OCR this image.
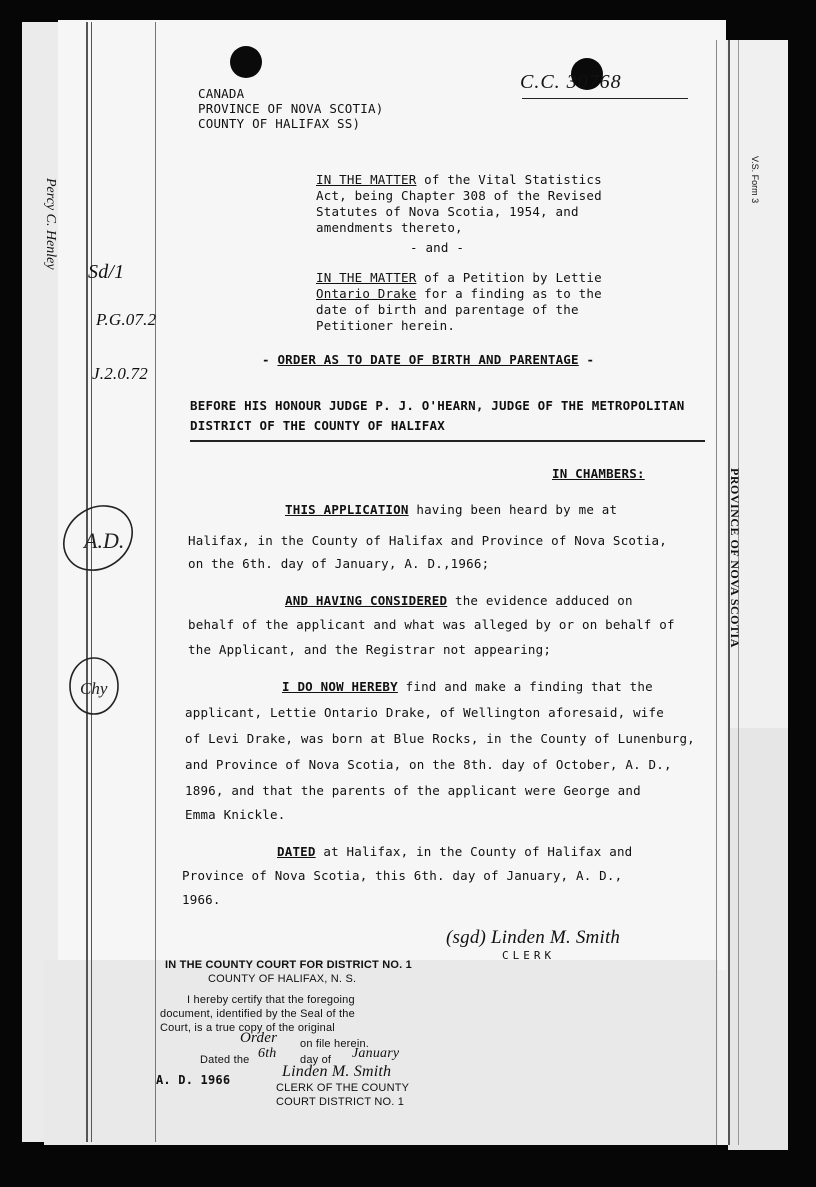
C.C. 30768
CANADA
PROVINCE OF NOVA SCOTIA)
COUNTY OF HALIFAX SS)
IN THE MATTER of the Vital Statistics
Act, being Chapter 308 of the Revised
Statutes of Nova Scotia, 1954, and
amendments thereto,
- and -
IN THE MATTER of a Petition by Lettie
Ontario Drake for a finding as to the
date of birth and parentage of the
Petitioner herein.
- ORDER AS TO DATE OF BIRTH AND PARENTAGE -
BEFORE HIS HONOUR JUDGE P. J. O'HEARN, JUDGE OF THE METROPOLITAN
DISTRICT OF THE COUNTY OF HALIFAX
IN CHAMBERS:
THIS APPLICATION having been heard by me at
Halifax, in the County of Halifax and Province of Nova Scotia,
on the 6th. day of January, A. D.,1966;
AND HAVING CONSIDERED the evidence adduced on
behalf of the applicant and what was alleged by or on behalf of
the Applicant, and the Registrar not appearing;
I DO NOW HEREBY find and make a finding that the
applicant, Lettie Ontario Drake, of Wellington aforesaid, wife
of Levi Drake, was born at Blue Rocks, in the County of Lunenburg,
and Province of Nova Scotia, on the 8th. day of October, A. D.,
1896, and that the parents of the applicant were George and
Emma Knickle.
DATED at Halifax, in the County of Halifax and
Province of Nova Scotia, this 6th. day of January, A. D.,
1966.
(sgd) Linden M. Smith
CLERK
IN THE COUNTY COURT FOR DISTRICT NO. 1
COUNTY OF HALIFAX, N. S.
I hereby certify that the foregoing
document, identified by the Seal of the
Court, is a true copy of the original
Order on file herein.
Dated the 6th day of January
A. D. 1966	Linden M. Smith
CLERK OF THE COUNTY
COURT DISTRICT NO. 1
PROVINCE OF NOVA SCOTIA
V.S. Form 3
Percy C. Henley
Sd/1
P.G.07.2
J.2.0.72
A.D.
Chy
